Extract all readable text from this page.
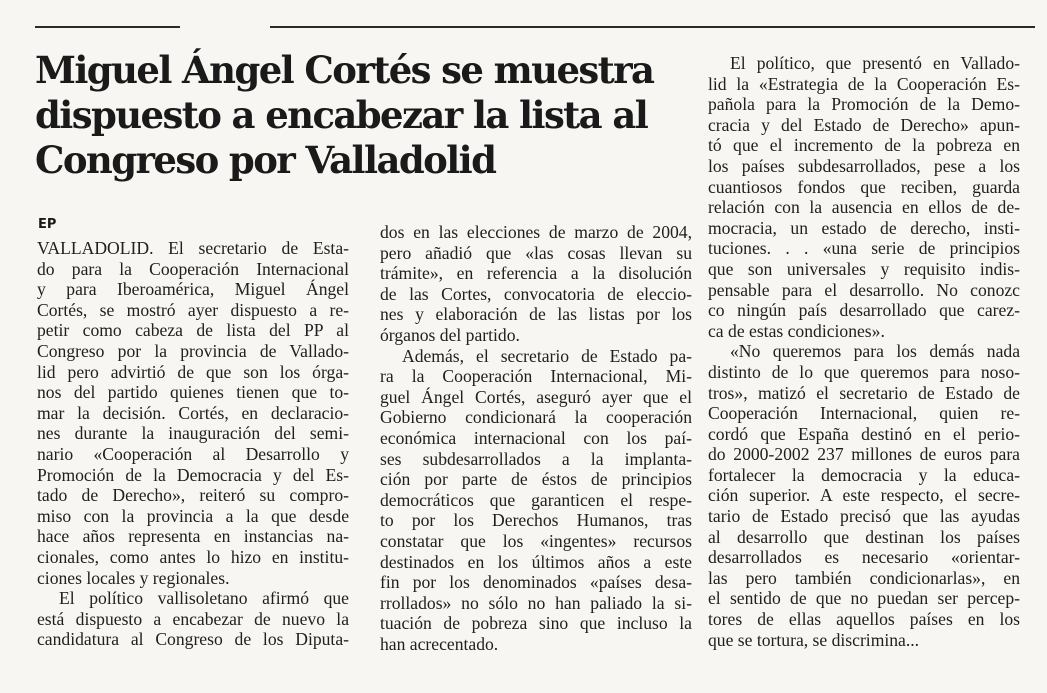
Miguel Ángel Cortés se muestra
dispuesto a encabezar la lista al
Congreso por Valladolid
EP
VALLADOLID. El secretario de Esta-
do para la Cooperación Internacional
y para Iberoamérica, Miguel Ángel
Cortés, se mostró ayer dispuesto a re-
petir como cabeza de lista del PP al
Congreso por la provincia de Vallado-
lid pero advirtió de que son los órga-
nos del partido quienes tienen que to-
mar la decisión. Cortés, en declaracio-
nes durante la inauguración del semi-
nario «Cooperación al Desarrollo y
Promoción de la Democracia y del Es-
tado de Derecho», reiteró su compro-
miso con la provincia a la que desde
hace años representa en instancias na-
cionales, como antes lo hizo en institu-
ciones locales y regionales.
El político vallisoletano afirmó que
está dispuesto a encabezar de nuevo la
candidatura al Congreso de los Diputa-
dos en las elecciones de marzo de 2004,
pero añadió que «las cosas llevan su
trámite», en referencia a la disolución
de las Cortes, convocatoria de eleccio-
nes y elaboración de las listas por los
órganos del partido.
Además, el secretario de Estado pa-
ra la Cooperación Internacional, Mi-
guel Ángel Cortés, aseguró ayer que el
Gobierno condicionará la cooperación
económica internacional con los paí-
ses subdesarrollados a la implanta-
ción por parte de éstos de principios
democráticos que garanticen el respe-
to por los Derechos Humanos, tras
constatar que los «ingentes» recursos
destinados en los últimos años a este
fin por los denominados «países desa-
rrollados» no sólo no han paliado la si-
tuación de pobreza sino que incluso la
han acrecentado.
El político, que presentó en Vallado-
lid la «Estrategia de la Cooperación Es-
pañola para la Promoción de la Demo-
cracia y del Estado de Derecho» apun-
tó que el incremento de la pobreza en
los países subdesarrollados, pese a los
cuantiosos fondos que reciben, guarda
relación con la ausencia en ellos de de-
mocracia, un estado de derecho, insti-
tuciones. . . «una serie de principios
que son universales y requisito indis-
pensable para el desarrollo. No conozc
co ningún país desarrollado que carez-
ca de estas condiciones».
«No queremos para los demás nada
distinto de lo que queremos para noso-
tros», matizó el secretario de Estado de
Cooperación Internacional, quien re-
cordó que España destinó en el perio-
do 2000-2002 237 millones de euros para
fortalecer la democracia y la educa-
ción superior. A este respecto, el secre-
tario de Estado precisó que las ayudas
al desarrollo que destinan los países
desarrollados es necesario «orientar-
las pero también condicionarlas», en
el sentido de que no puedan ser percep-
tores de ellas aquellos países en los
que se tortura, se discrimina...
